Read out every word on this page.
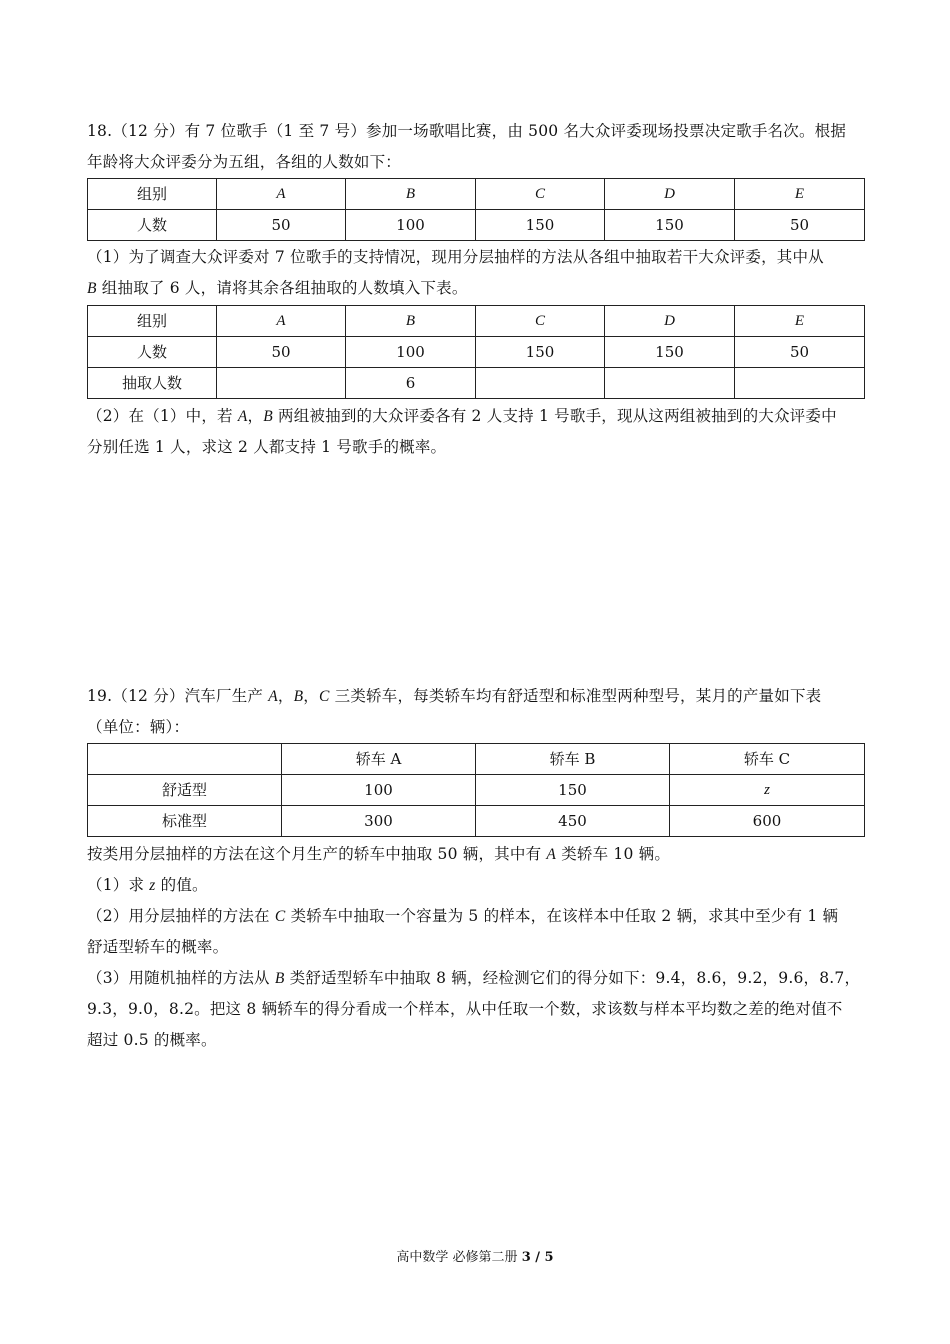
18.（12 分）有 7 位歌手（1 至 7 号）参加一场歌唱比赛，由 500 名大众评委现场投票决定歌手名次。根据
年龄将大众评委分为五组，各组的人数如下：
组别	A	B	C	D	E
人数	50	100	150	150	50
（1）为了调查大众评委对 7 位歌手的支持情况，现用分层抽样的方法从各组中抽取若干大众评委，其中从
B 组抽取了 6 人，请将其余各组抽取的人数填入下表。
组别	A	B	C	D	E
人数	50	100	150	150	50
抽取人数		6			
（2）在（1）中，若 A，B 两组被抽到的大众评委各有 2 人支持 1 号歌手，现从这两组被抽到的大众评委中
分别任选 1 人，求这 2 人都支持 1 号歌手的概率。
19.（12 分）汽车厂生产 A，B，C 三类轿车，每类轿车均有舒适型和标准型两种型号，某月的产量如下表
（单位：辆）：
	轿车 A	轿车 B	轿车 C
舒适型	100	150	z
标准型	300	450	600
按类用分层抽样的方法在这个月生产的轿车中抽取 50 辆，其中有 A 类轿车 10 辆。
（1）求 z 的值。
（2）用分层抽样的方法在 C 类轿车中抽取一个容量为 5 的样本，在该样本中任取 2 辆，求其中至少有 1 辆
舒适型轿车的概率。
（3）用随机抽样的方法从 B 类舒适型轿车中抽取 8 辆，经检测它们的得分如下：9.4，8.6，9.2，9.6，8.7，
9.3，9.0，8.2。把这 8 辆轿车的得分看成一个样本，从中任取一个数，求该数与样本平均数之差的绝对值不
超过 0.5 的概率。
高中数学 必修第二册 3 / 5
